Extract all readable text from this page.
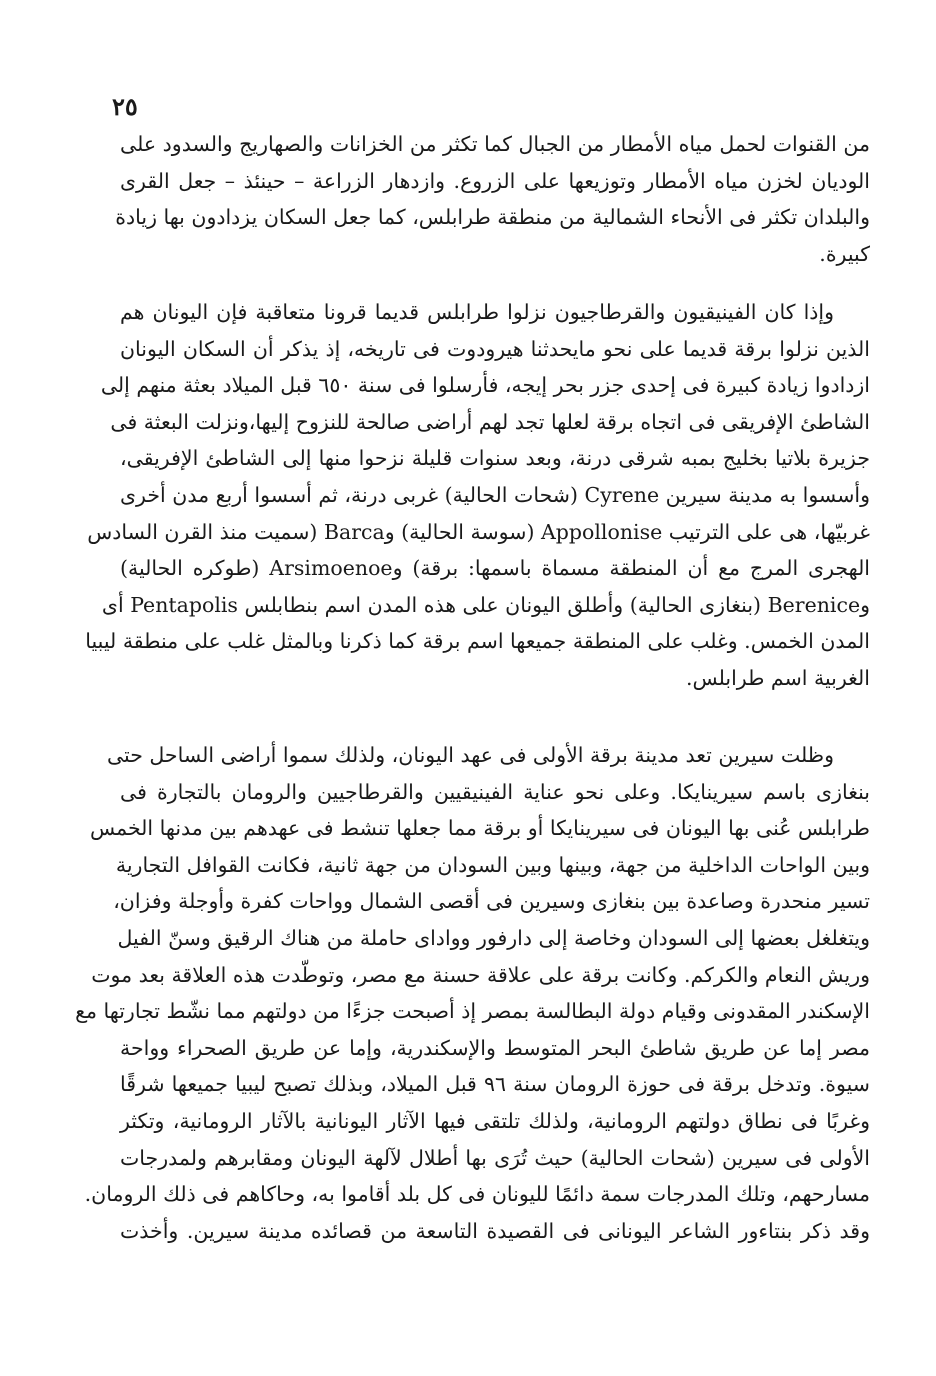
٢٥
من القنوات لحمل مياه الأمطار من الجبال كما تكثر من الخزانات والصهاريج والسدود على
الوديان لخزن مياه الأمطار وتوزيعها على الزروع. وازدهار الزراعة – حينئذ – جعل القرى
والبلدان تكثر فى الأنحاء الشمالية من منطقة طرابلس، كما جعل السكان يزدادون بها زيادة
كبيرة.
وإذا كان الفينيقيون والقرطاجيون نزلوا طرابلس قديما قرونا متعاقبة فإن اليونان هم
الذين نزلوا برقة قديما على نحو مايحدثنا هيرودوت فى تاريخه، إذ يذكر أن السكان اليونان
ازدادوا زيادة كبيرة فى إحدى جزر بحر إيجه، فأرسلوا فى سنة ٦٥٠ قبل الميلاد بعثة منهم إلى
الشاطئ الإفريقى فى اتجاه برقة لعلها تجد لهم أراضى صالحة للنزوح إليها،ونزلت البعثة فى
جزيرة بلاتيا بخليج بمبه شرقى درنة، وبعد سنوات قليلة نزحوا منها إلى الشاطئ الإفريقى،
وأسسوا به مدينة سيرين Cyrene (شحات الحالية) غربى درنة، ثم أسسوا أربع مدن أخرى
غربيّها، هى على الترتيب Appollonise (سوسة الحالية) وBarca (سميت منذ القرن السادس
الهجرى المرج مع أن المنطقة مسماة باسمها: برقة) وArsimoenoe (طوكره الحالية)
وBerenice (بنغازى الحالية) وأطلق اليونان على هذه المدن اسم بنطابلس Pentapolis أى
المدن الخمس. وغلب على المنطقة جميعها اسم برقة كما ذكرنا وبالمثل غلب على منطقة ليبيا
الغربية اسم طرابلس.
وظلت سيرين تعد مدينة برقة الأولى فى عهد اليونان، ولذلك سموا أراضى الساحل حتى
بنغازى باسم سيرينايكا. وعلى نحو عناية الفينيقيين والقرطاجيين والرومان بالتجارة فى
طرابلس عُنى بها اليونان فى سيرينايكا أو برقة مما جعلها تنشط فى عهدهم بين مدنها الخمس
وبين الواحات الداخلية من جهة، وبينها وبين السودان من جهة ثانية، فكانت القوافل التجارية
تسير منحدرة وصاعدة بين بنغازى وسيرين فى أقصى الشمال وواحات كفرة وأوجلة وفزان،
ويتغلغل بعضها إلى السودان وخاصة إلى دارفور ووادای حاملة من هناك الرقيق وسنّ الفيل
وريش النعام والكركم. وكانت برقة على علاقة حسنة مع مصر، وتوطّدت هذه العلاقة بعد موت
الإسكندر المقدونى وقيام دولة البطالسة بمصر إذ أصبحت جزءًا من دولتهم مما نشّط تجارتها مع
مصر إما عن طريق شاطئ البحر المتوسط والإسكندرية، وإما عن طريق الصحراء وواحة
سيوة. وتدخل برقة فى حوزة الرومان سنة ٩٦ قبل الميلاد، وبذلك تصبح ليبيا جميعها شرقًا
وغربًا فى نطاق دولتهم الرومانية، ولذلك تلتقى فيها الآثار اليونانية بالآثار الرومانية، وتكثر
الأولى فى سيرين (شحات الحالية) حيث تُرَى بها أطلال لآلهة اليونان ومقابرهم ولمدرجات
مسارحهم، وتلك المدرجات سمة دائمًا لليونان فى كل بلد أقاموا به، وحاكاهم فى ذلك الرومان.
وقد ذكر بنتاءور الشاعر اليونانى فى القصيدة التاسعة من قصائده مدينة سيرين. وأخذت
